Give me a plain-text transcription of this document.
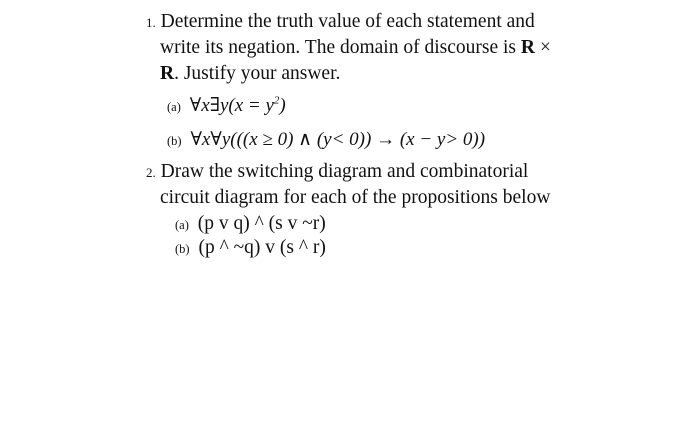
1. Determine the truth value of each statement and
write its negation. The domain of discourse is R ×
R. Justify your answer.
(a) ∀x∃y(x = $y^2$)
(b) ∀x∀y(((x ≥ 0) ∧ (y< 0)) → (x − y> 0))
2. Draw the switching diagram and combinatorial
circuit diagram for each of the propositions below
(a) (p v q) ^ (s v ~r)
(b) (p ^ ~q) v (s ^ r)
